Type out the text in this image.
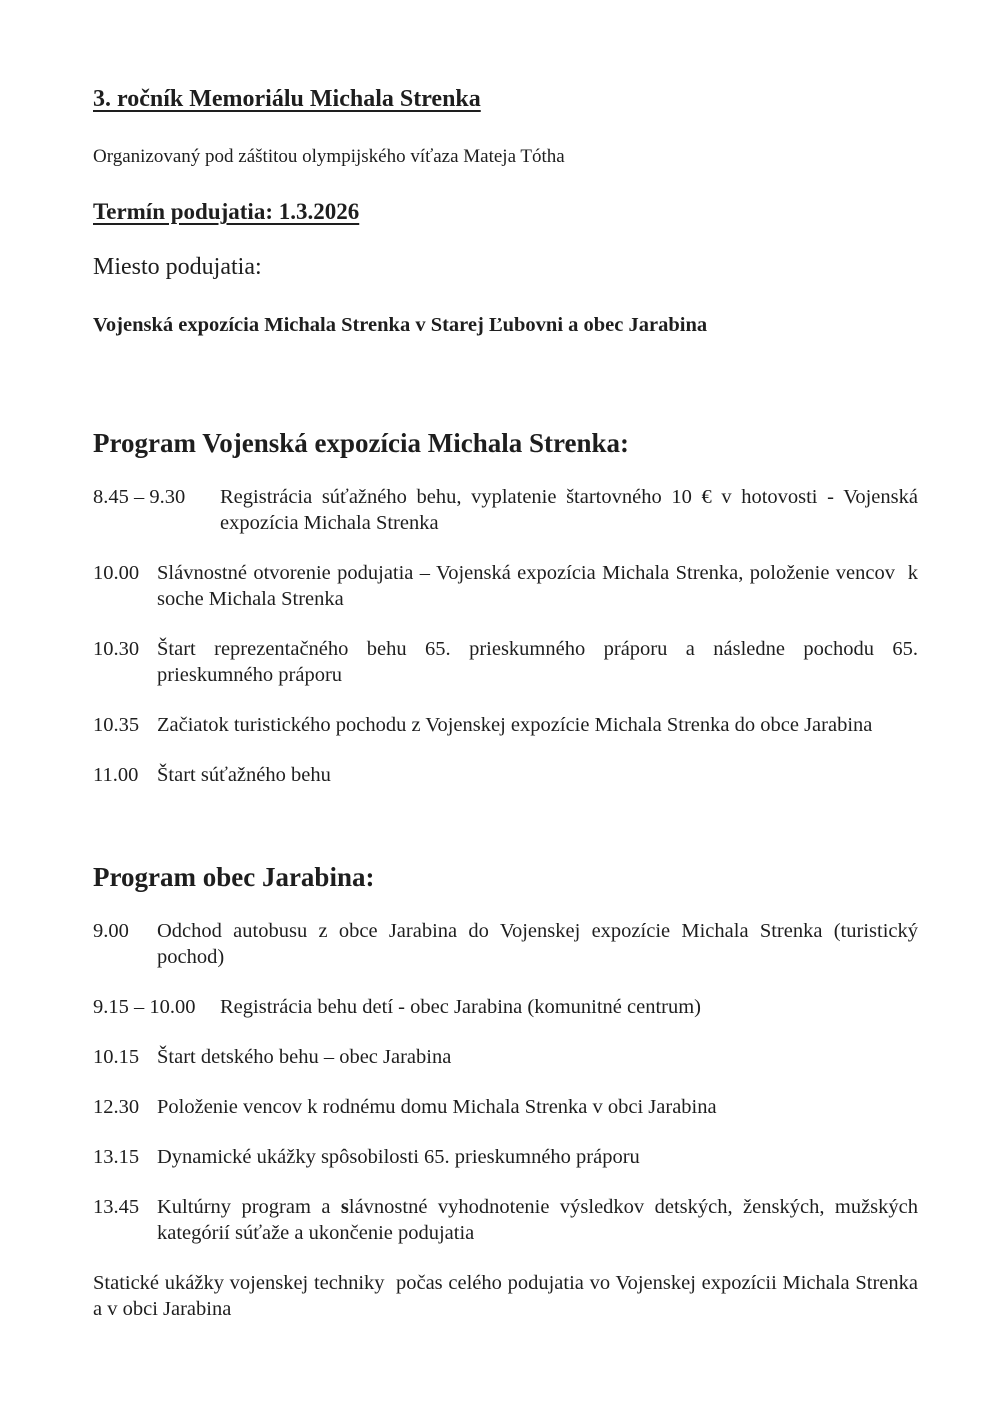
3. ročník Memoriálu Michala Strenka

Organizovaný pod záštitou olympijského víťaza Mateja Tótha

Termín podujatia: 1.3.2026

Miesto podujatia:

Vojenská expozícia Michala Strenka v Starej Ľubovni a obec Jarabina

Program Vojenská expozícia Michala Strenka:
8.45 – 9.30	Registrácia súťažného behu, vyplatenie štartovného 10 € v hotovosti - Vojenská expozícia Michala Strenka

10.00 Slávnostné otvorenie podujatia – Vojenská expozícia Michala Strenka, položenie vencov  k soche Michala Strenka

10.30 Štart reprezentačného behu 65. prieskumného práporu a následne pochodu 65. prieskumného práporu

10.35 Začiatok turistického pochodu z Vojenskej expozície Michala Strenka do obce Jarabina

11.00 Štart súťažného behu

Program obec Jarabina:
9.00	Odchod autobusu z obce Jarabina do Vojenskej expozície Michala Strenka (turistický pochod)

9.15 – 10.00	Registrácia behu detí - obec Jarabina (komunitné centrum)

10.15 Štart detského behu – obec Jarabina

12.30 Položenie vencov k rodnému domu Michala Strenka v obci Jarabina

13.15 Dynamické ukážky spôsobilosti 65. prieskumného práporu

13.45 Kultúrny program a slávnostné vyhodnotenie výsledkov detských, ženských, mužských kategórií súťaže a ukončenie podujatia

Statické ukážky vojenskej techniky  počas celého podujatia vo Vojenskej expozícii Michala Strenka a v obci Jarabina
